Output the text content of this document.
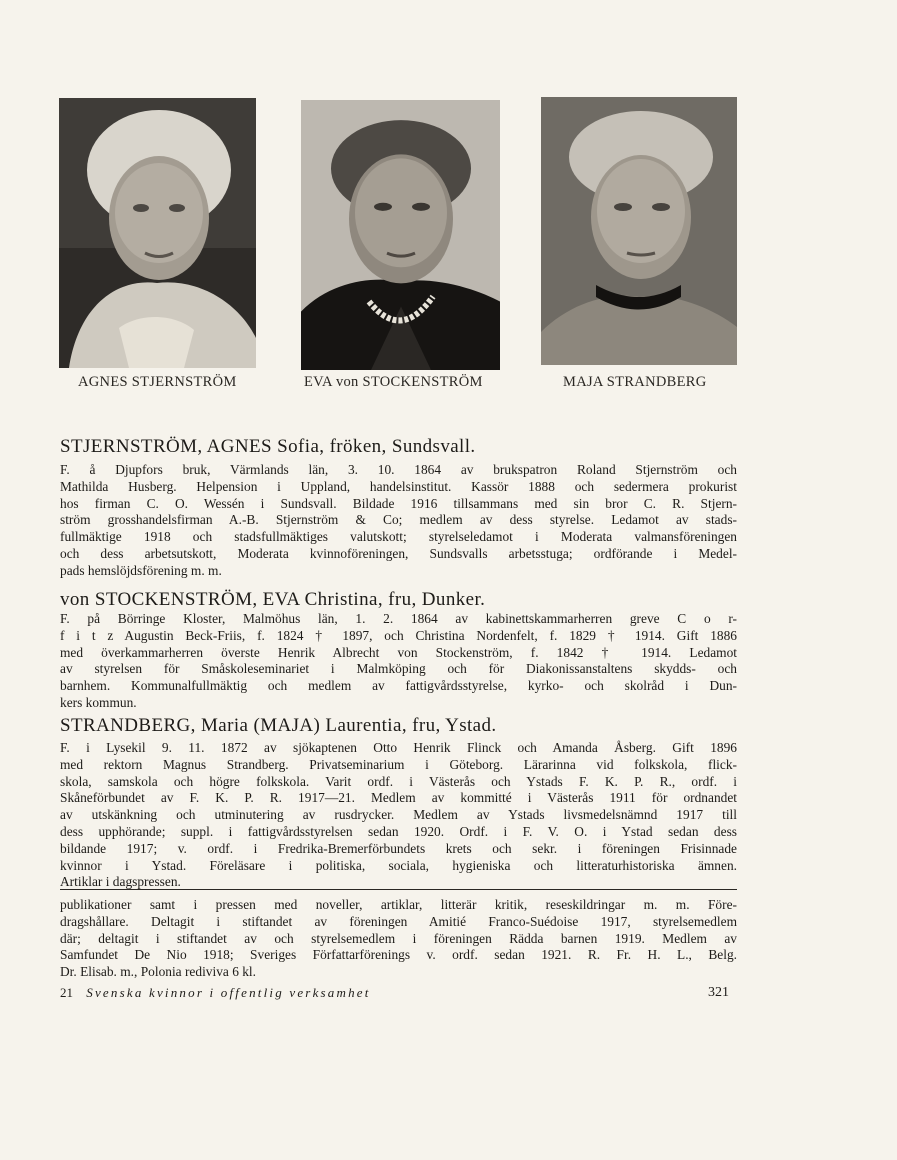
AGNES STJERNSTRÖM	EVA von STOCKENSTRÖM	MAJA STRANDBERG
STJERNSTRÖM, AGNES Sofia, fröken, Sundsvall.
F. å Djupfors bruk, Värmlands län, 3. 10. 1864 av brukspatron Roland Stjernström och
Mathilda Husberg. Helpension i Uppland, handelsinstitut. Kassör 1888 och sedermera prokurist
hos firman C. O. Wessén i Sundsvall. Bildade 1916 tillsammans med sin bror C. R. Stjern-
ström grosshandelsfirman A.-B. Stjernström & Co; medlem av dess styrelse. Ledamot av stads-
fullmäktige 1918 och stadsfullmäktiges valutskott; styrelseledamot i Moderata valmansföreningen
och dess arbetsutskott, Moderata kvinnoföreningen, Sundsvalls arbetsstuga; ordförande i Medel-
pads hemslöjdsförening m. m.
von STOCKENSTRÖM, EVA Christina, fru, Dunker.
F. på Börringe Kloster, Malmöhus län, 1. 2. 1864 av kabinettskammarherren greve C o r-
f i t z Augustin Beck-Friis, f. 1824 † 1897, och Christina Nordenfelt, f. 1829 † 1914. Gift 1886
med överkammarherren överste Henrik Albrecht von Stockenström, f. 1842 † 1914. Ledamot
av styrelsen för Småskoleseminariet i Malmköping och för Diakonissanstaltens skydds- och
barnhem. Kommunalfullmäktig och medlem av fattigvårdsstyrelse, kyrko- och skolråd i Dun-
kers kommun.
STRANDBERG, Maria (MAJA) Laurentia, fru, Ystad.
F. i Lysekil 9. 11. 1872 av sjökaptenen Otto Henrik Flinck och Amanda Åsberg. Gift 1896
med rektorn Magnus Strandberg. Privatseminarium i Göteborg. Lärarinna vid folkskola, flick-
skola, samskola och högre folkskola. Varit ordf. i Västerås och Ystads F. K. P. R., ordf. i
Skåneförbundet av F. K. P. R. 1917—21. Medlem av kommitté i Västerås 1911 för ordnandet
av utskänkning och utminutering av rusdrycker. Medlem av Ystads livsmedelsnämnd 1917 till
dess upphörande; suppl. i fattigvårdsstyrelsen sedan 1920. Ordf. i F. V. O. i Ystad sedan dess
bildande 1917; v. ordf. i Fredrika-Bremerförbundets krets och sekr. i föreningen Frisinnade
kvinnor i Ystad. Föreläsare i politiska, sociala, hygieniska och litteraturhistoriska ämnen.
Artiklar i dagspressen.
publikationer samt i pressen med noveller, artiklar, litterär kritik, reseskildringar m. m. Före-
dragshållare. Deltagit i stiftandet av föreningen Amitié Franco-Suédoise 1917, styrelsemedlem
där; deltagit i stiftandet av och styrelsemedlem i föreningen Rädda barnen 1919. Medlem av
Samfundet De Nio 1918; Sveriges Författarförenings v. ordf. sedan 1921. R. Fr. H. L., Belg.
Dr. Elisab. m., Polonia rediviva 6 kl.
21 Svenska kvinnor i offentlig verksamhet	321
